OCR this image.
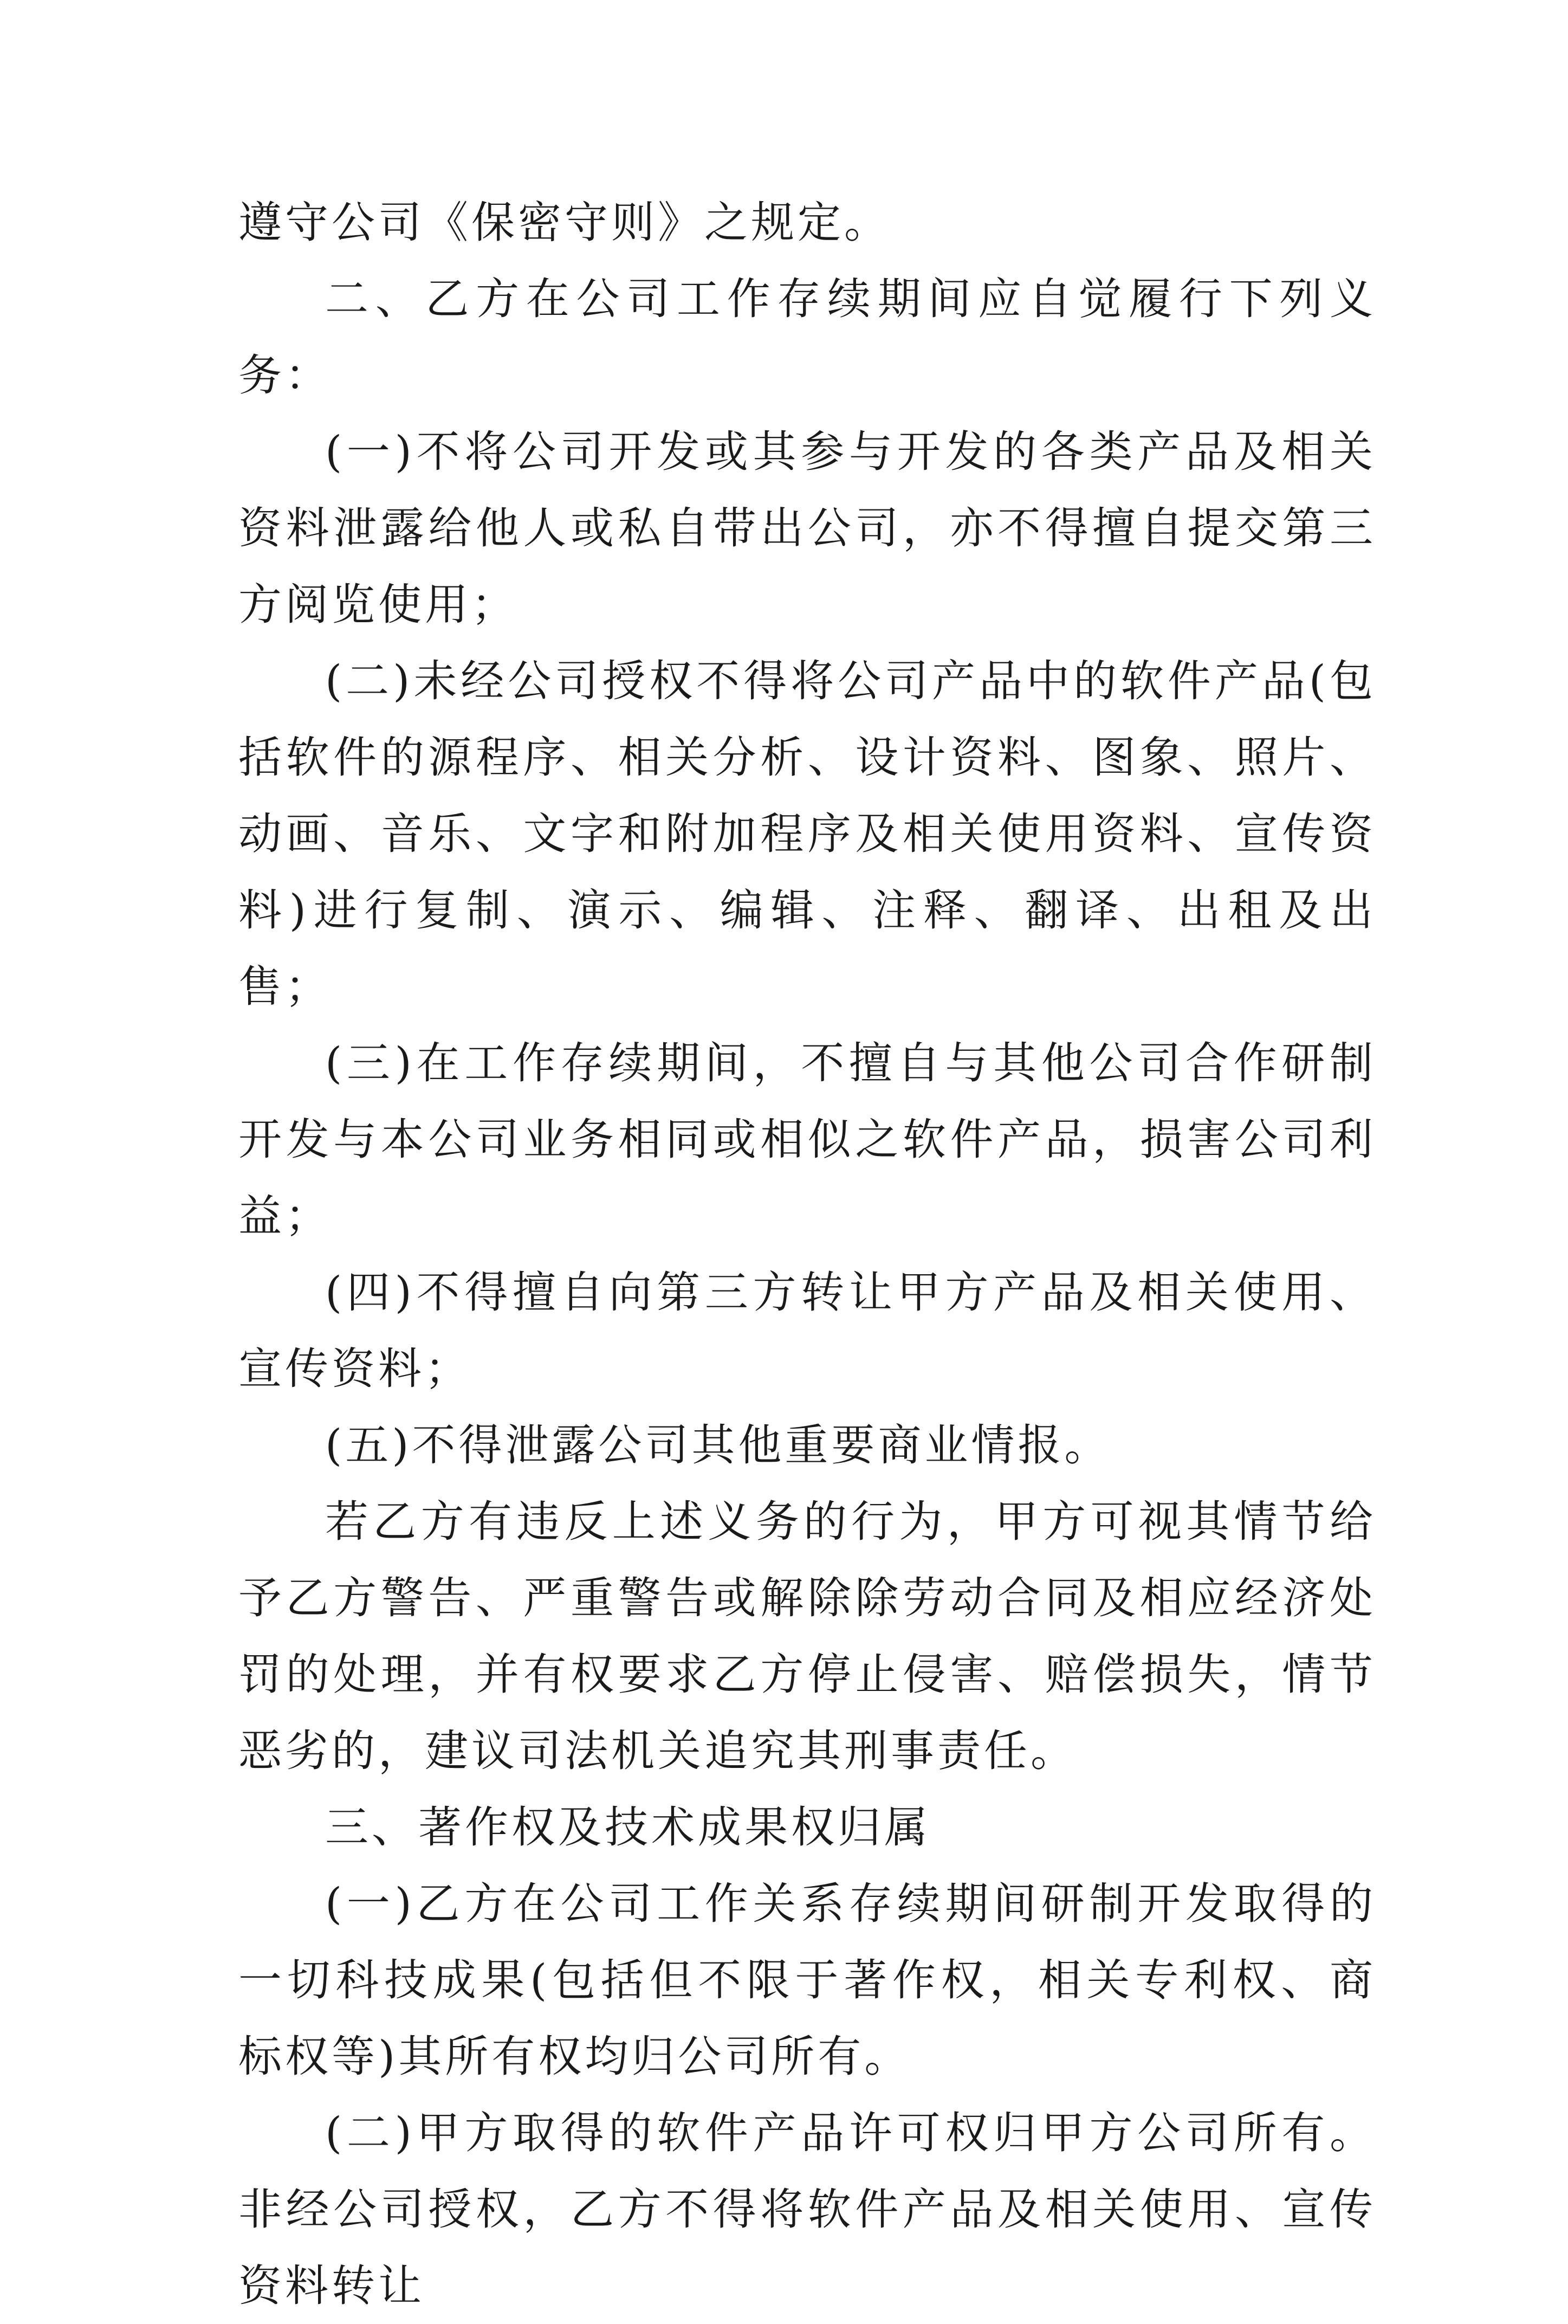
遵守公司《保密守则》之规定。

二、乙方在公司工作存续期间应自觉履行下列义务：

(一)不将公司开发或其参与开发的各类产品及相关资料泄露给他人或私自带出公司，亦不得擅自提交第三方阅览使用；

(二)未经公司授权不得将公司产品中的软件产品(包括软件的源程序、相关分析、设计资料、图象、照片、动画、音乐、文字和附加程序及相关使用资料、宣传资料)进行复制、演示、编辑、注释、翻译、出租及出售；

(三)在工作存续期间，不擅自与其他公司合作研制开发与本公司业务相同或相似之软件产品，损害公司利益；

(四)不得擅自向第三方转让甲方产品及相关使用、宣传资料；

(五)不得泄露公司其他重要商业情报。

若乙方有违反上述义务的行为，甲方可视其情节给予乙方警告、严重警告或解除除劳动合同及相应经济处罚的处理，并有权要求乙方停止侵害、赔偿损失，情节恶劣的，建议司法机关追究其刑事责任。

三、著作权及技术成果权归属

(一)乙方在公司工作关系存续期间研制开发取得的一切科技成果(包括但不限于著作权，相关专利权、商标权等)其所有权均归公司所有。

(二)甲方取得的软件产品许可权归甲方公司所有。非经公司授权，乙方不得将软件产品及相关使用、宣传资料转让
